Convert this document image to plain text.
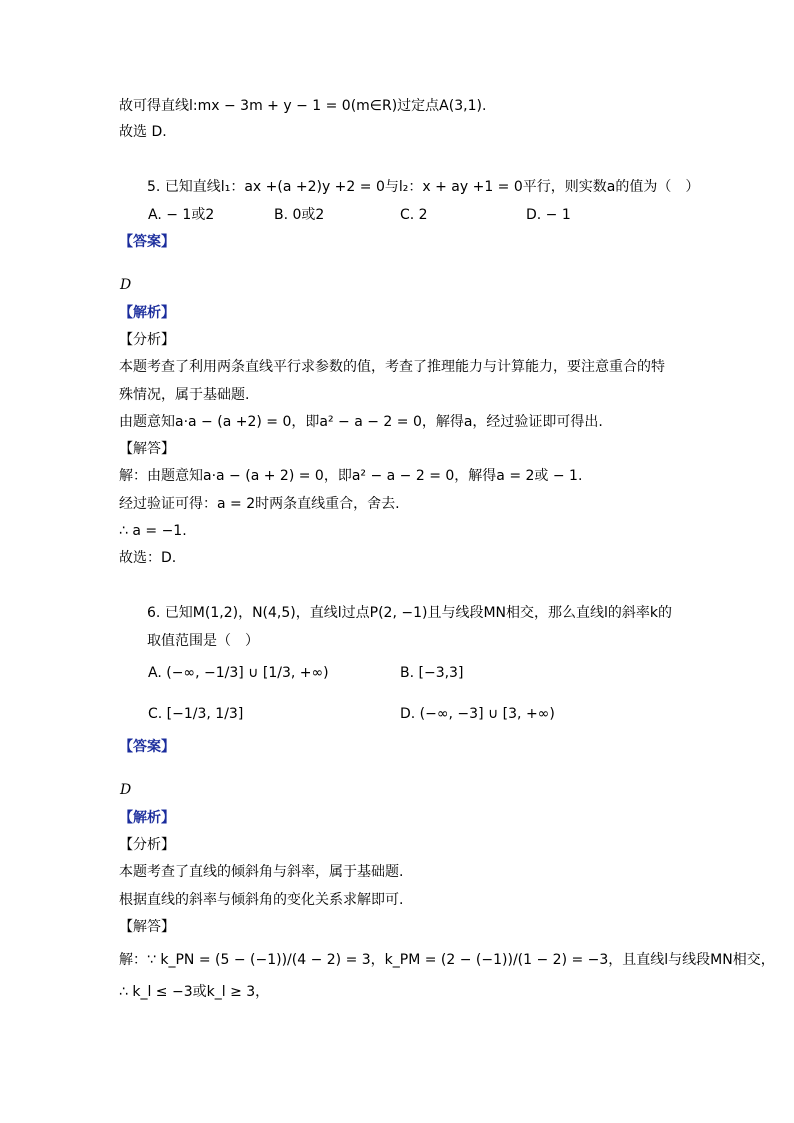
故可得直线l:mx − 3m + y − 1 = 0(m∈R)过定点A(3,1).
故选 D.
5. 已知直线l₁：ax +(a +2)y +2 = 0与l₂：x + ay +1 = 0平行，则实数a的值为（　）
A. − 1或2	B. 0或2	C. 2	D. − 1
【答案】
D
【解析】
【分析】
本题考查了利用两条直线平行求参数的值，考查了推理能力与计算能力，要注意重合的特
殊情况，属于基础题.
由题意知a·a − (a +2) = 0，即a² − a − 2 = 0，解得a，经过验证即可得出.
【解答】
解：由题意知a·a − (a + 2) = 0，即a² − a − 2 = 0，解得a = 2或 − 1.
经过验证可得：a = 2时两条直线重合，舍去.
∴ a = −1.
故选：D.
6. 已知M(1,2)，N(4,5)，直线l过点P(2, −1)且与线段MN相交，那么直线l的斜率k的
取值范围是（　）
A. (−∞, −1/3] ∪ [1/3, +∞)	B. [−3,3]
C. [−1/3, 1/3]	D. (−∞, −3] ∪ [3, +∞)
【答案】
D
【解析】
【分析】
本题考查了直线的倾斜角与斜率，属于基础题.
根据直线的斜率与倾斜角的变化关系求解即可.
【解答】
解：∵ k_PN = (5 − (−1))/(4 − 2) = 3，k_PM = (2 − (−1))/(1 − 2) = −3，且直线l与线段MN相交，
∴ k_l ≤ −3或k_l ≥ 3，
